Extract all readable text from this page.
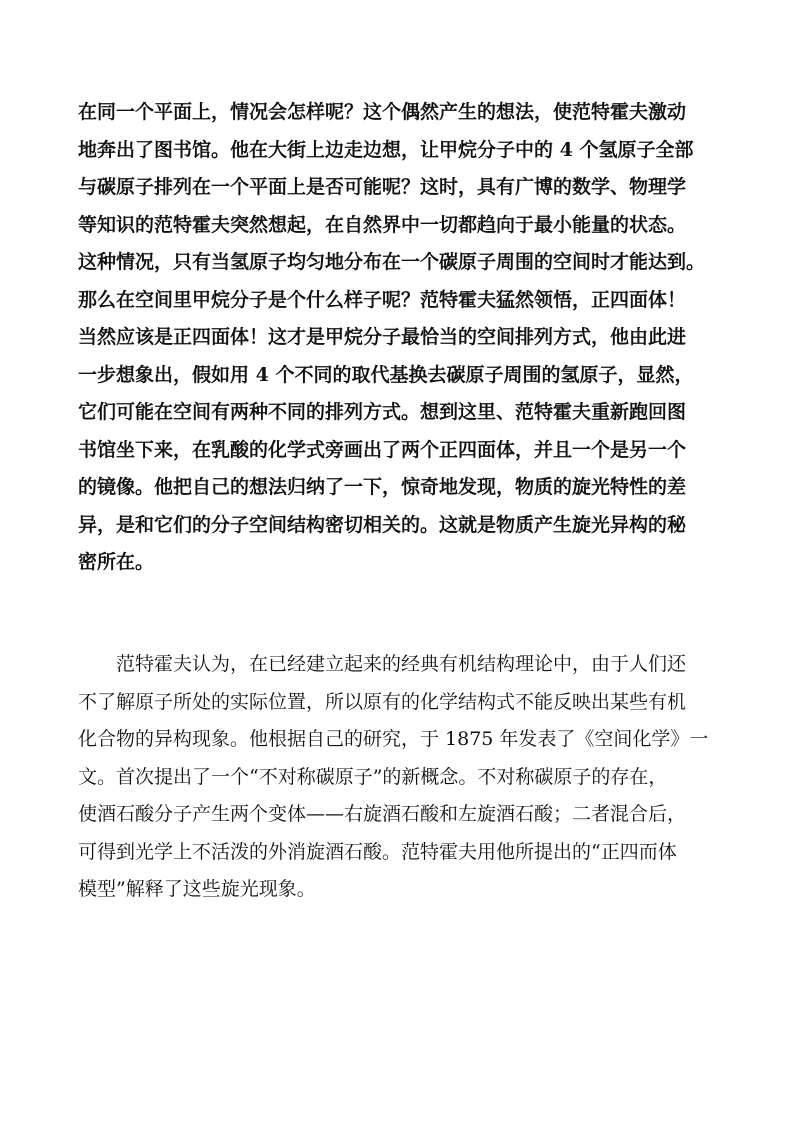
在同一个平面上，情况会怎样呢？这个偶然产生的想法，使范特霍夫激动
地奔出了图书馆。他在大街上边走边想，让甲烷分子中的 4 个氢原子全部
与碳原子排列在一个平面上是否可能呢？这时，具有广博的数学、物理学
等知识的范特霍夫突然想起，在自然界中一切都趋向于最小能量的状态。
这种情况，只有当氢原子均匀地分布在一个碳原子周围的空间时才能达到。
那么在空间里甲烷分子是个什么样子呢？范特霍夫猛然领悟，正四面体！
当然应该是正四面体！这才是甲烷分子最恰当的空间排列方式，他由此进
一步想象出，假如用 4 个不同的取代基换去碳原子周围的氢原子，显然，
它们可能在空间有两种不同的排列方式。想到这里、范特霍夫重新跑回图
书馆坐下来，在乳酸的化学式旁画出了两个正四面体，并且一个是另一个
的镜像。他把自己的想法归纳了一下，惊奇地发现，物质的旋光特性的差
异，是和它们的分子空间结构密切相关的。这就是物质产生旋光异构的秘
密所在。
范特霍夫认为，在已经建立起来的经典有机结构理论中，由于人们还
不了解原子所处的实际位置，所以原有的化学结构式不能反映出某些有机
化合物的异构现象。他根据自己的研究，于 1875 年发表了《空间化学》一
文。首次提出了一个“不对称碳原子”的新概念。不对称碳原子的存在，
使酒石酸分子产生两个变体——右旋酒石酸和左旋酒石酸；二者混合后，
可得到光学上不活泼的外消旋酒石酸。范特霍夫用他所提出的“正四而体
模型”解释了这些旋光现象。
